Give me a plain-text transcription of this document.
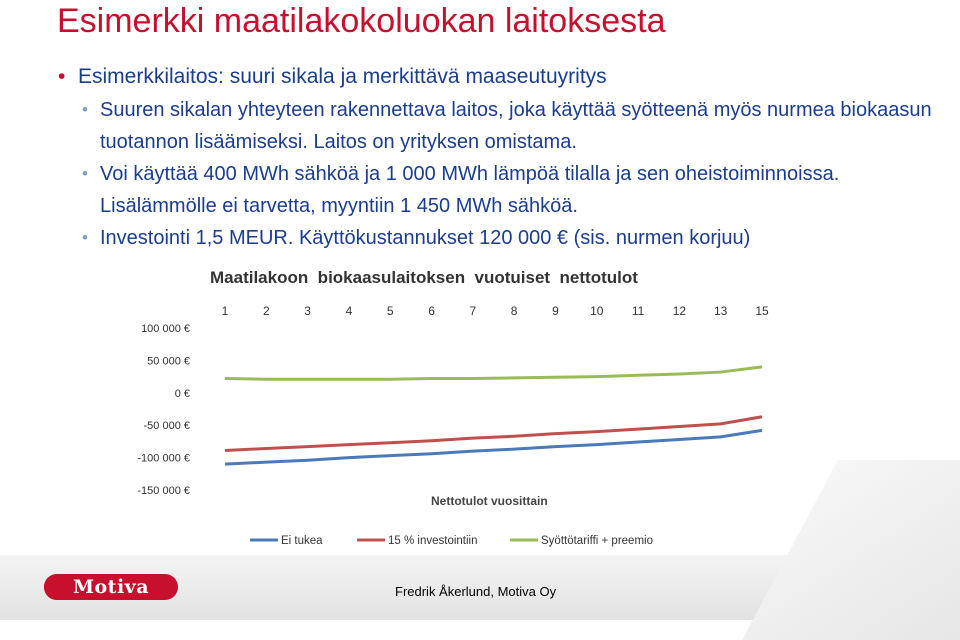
Esimerkki maatilakokoluokan laitoksesta
• Esimerkkilaitos: suuri sikala ja merkittävä maaseutuyritys
• Suuren sikalan yhteyteen rakennettava laitos, joka käyttää syötteenä myös nurmea biokaasun tuotannon lisäämiseksi. Laitos on yrityksen omistama.
• Voi käyttää 400 MWh sähköä ja 1 000 MWh lämpöä tilalla ja sen oheistoiminnoissa. Lisälämmölle ei tarvetta, myyntiin 1 450 MWh sähköä.
• Investointi 1,5 MEUR. Käyttökustannukset 120 000 € (sis. nurmen korjuu)
Maatilakoon  biokaasulaitoksen  vuotuiset  nettotulot
1	2	3	4	5	6	7	8	9	10 11 12 13 15
100 000 €
50 000 €
0 €
-50 000 €
-100 000 €
-150 000 €
Nettotulot vuosittain
Ei tukea	15 % investointiin	Syöttötariffi + preemio
Motiva	Fredrik Åkerlund, Motiva Oy
